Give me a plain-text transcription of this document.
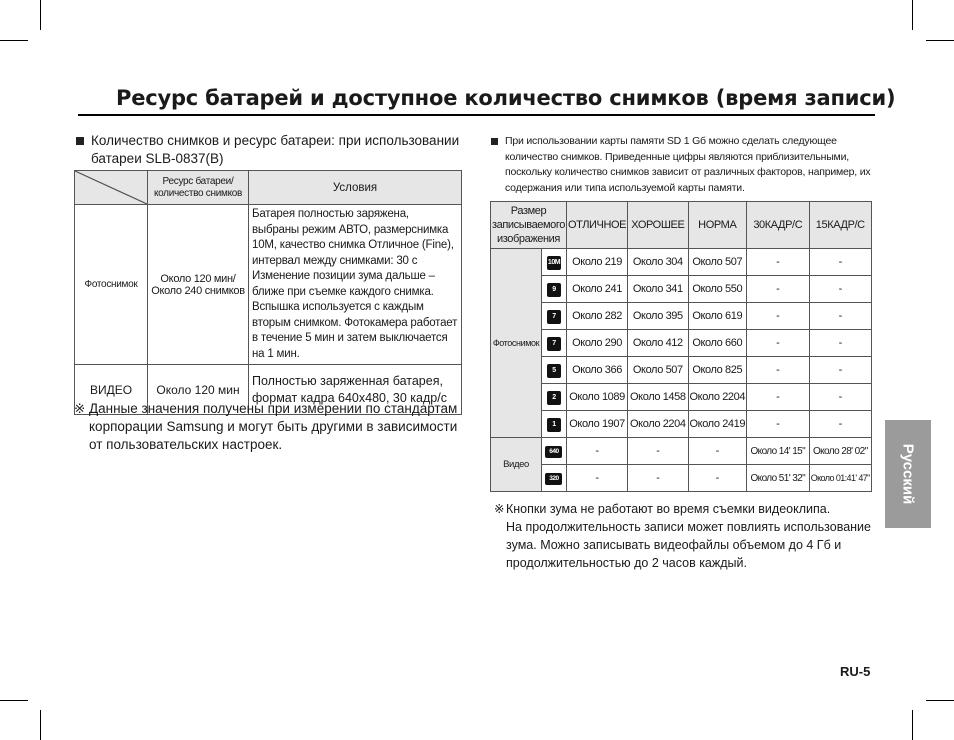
Ресурс батарей и доступное количество снимков (время записи)
Количество снимков и ресурс батареи: при использовании батареи SLB-0837(B)
	Ресурс батареи/ количество снимков	Условия
Фотоснимок	Около 120 мин/ Около 240 снимков	Батарея полностью заряжена, выбраны режим АВТО, размерснимка 10M, качество снимка Отличное (Fine), интервал между снимками: 30 с Изменение позиции зума дальше – ближе при съемке каждого снимка. Вспышка используется с каждым вторым снимком. Фотокамера работает в течение 5 мин и затем выключается на 1 мин.
ВИДЕО	Около 120 мин	Полностью заряженная батарея, формат кадра 640x480, 30 кадр/с
※ Данные значения получены при измерении по стандартам корпорации Samsung и могут быть другими в зависимости от пользовательских настроек.
При использовании карты памяти SD 1 Gб можно сделать следующее количество снимков. Приведенные цифры являются приблизительными, поскольку количество снимков зависит от различных факторов, например, их содержания или типа используемой карты памяти.
Размер записываемого изображения		ОТЛИЧНОЕ	ХОРОШЕЕ	НОРМА	30КАДР/С	15КАДР/С
Фотоснимок	10M	Около 219	Около 304	Около 507	-	-
	9	Около 241	Около 341	Около 550	-	-
	7	Около 282	Около 395	Около 619	-	-
	7	Около 290	Около 412	Около 660	-	-
	5	Около 366	Около 507	Около 825	-	-
	2	Около 1089	Около 1458	Около 2204	-	-
	1	Около 1907	Около 2204	Около 2419	-	-
Видео	640	-	-	-	Около 14' 15"	Около 28' 02"
	320	-	-	-	Около 51' 32"	Около 01:41' 47"
※ Кнопки зума не работают во время съемки видеоклипа.
На продолжительность записи может повлиять использование зума. Можно записывать видеофайлы объемом до 4 Гб и продолжительностью до 2 часов каждый.
Русский
RU-5
